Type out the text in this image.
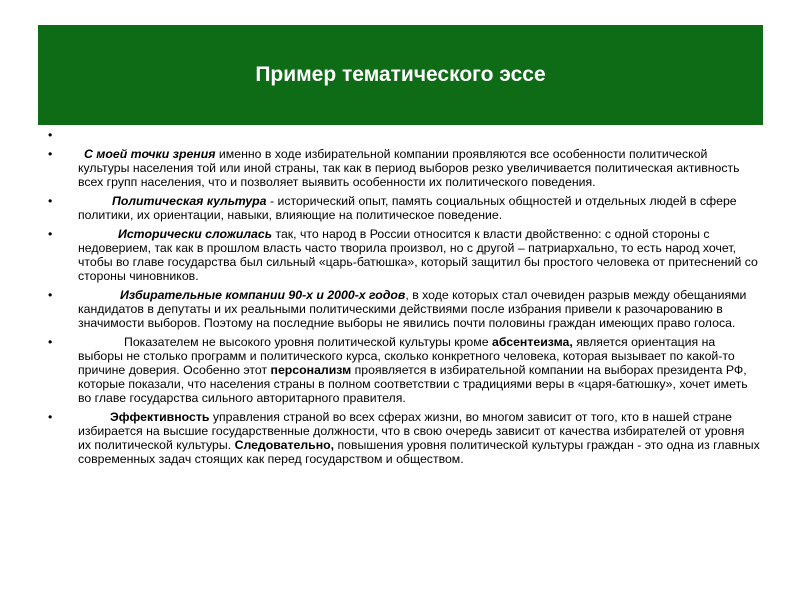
Пример тематического эссе
•
•	С моей точки зрения именно в ходе избирательной компании проявляются все особенности политической культуры населения той или иной страны, так как в период выборов резко увеличивается политическая активность всех групп населения, что и позволяет выявить особенности их политического поведения.
•	Политическая культура - исторический опыт, память социальных общностей и отдельных людей в сфере политики, их ориентации, навыки, влияющие на политическое поведение.
•	Исторически сложилась так, что народ в России относится к власти двойственно: с одной стороны с недоверием, так как в прошлом власть часто творила произвол, но с другой – патриархально, то есть народ хочет, чтобы во главе государства был сильный «царь-батюшка», который защитил бы простого человека от притеснений со стороны чиновников.
•	Избирательные компании 90-х и 2000-х годов, в ходе которых стал очевиден разрыв между обещаниями кандидатов в депутаты и их реальными политическими действиями после избрания привели к разочарованию в значимости выборов. Поэтому на последние выборы не явились почти половины граждан имеющих право голоса.
•	Показателем не высокого уровня политической культуры кроме абсентеизма, является ориентация на выборы не столько программ и политического курса, сколько конкретного человека, которая вызывает по какой-то причине доверия. Особенно этот персонализм проявляется в избирательной компании на выборах президента РФ, которые показали, что населения страны в полном соответствии с традициями веры в «царя-батюшку», хочет иметь во главе государства сильного авторитарного правителя.
•	Эффективность управления страной во всех сферах жизни, во многом зависит от того, кто в нашей стране избирается на высшие государственные должности, что в свою очередь зависит от качества избирателей от уровня их политической культуры. Следовательно, повышения уровня политической культуры граждан - это одна из главных современных задач стоящих как перед государством и обществом.
